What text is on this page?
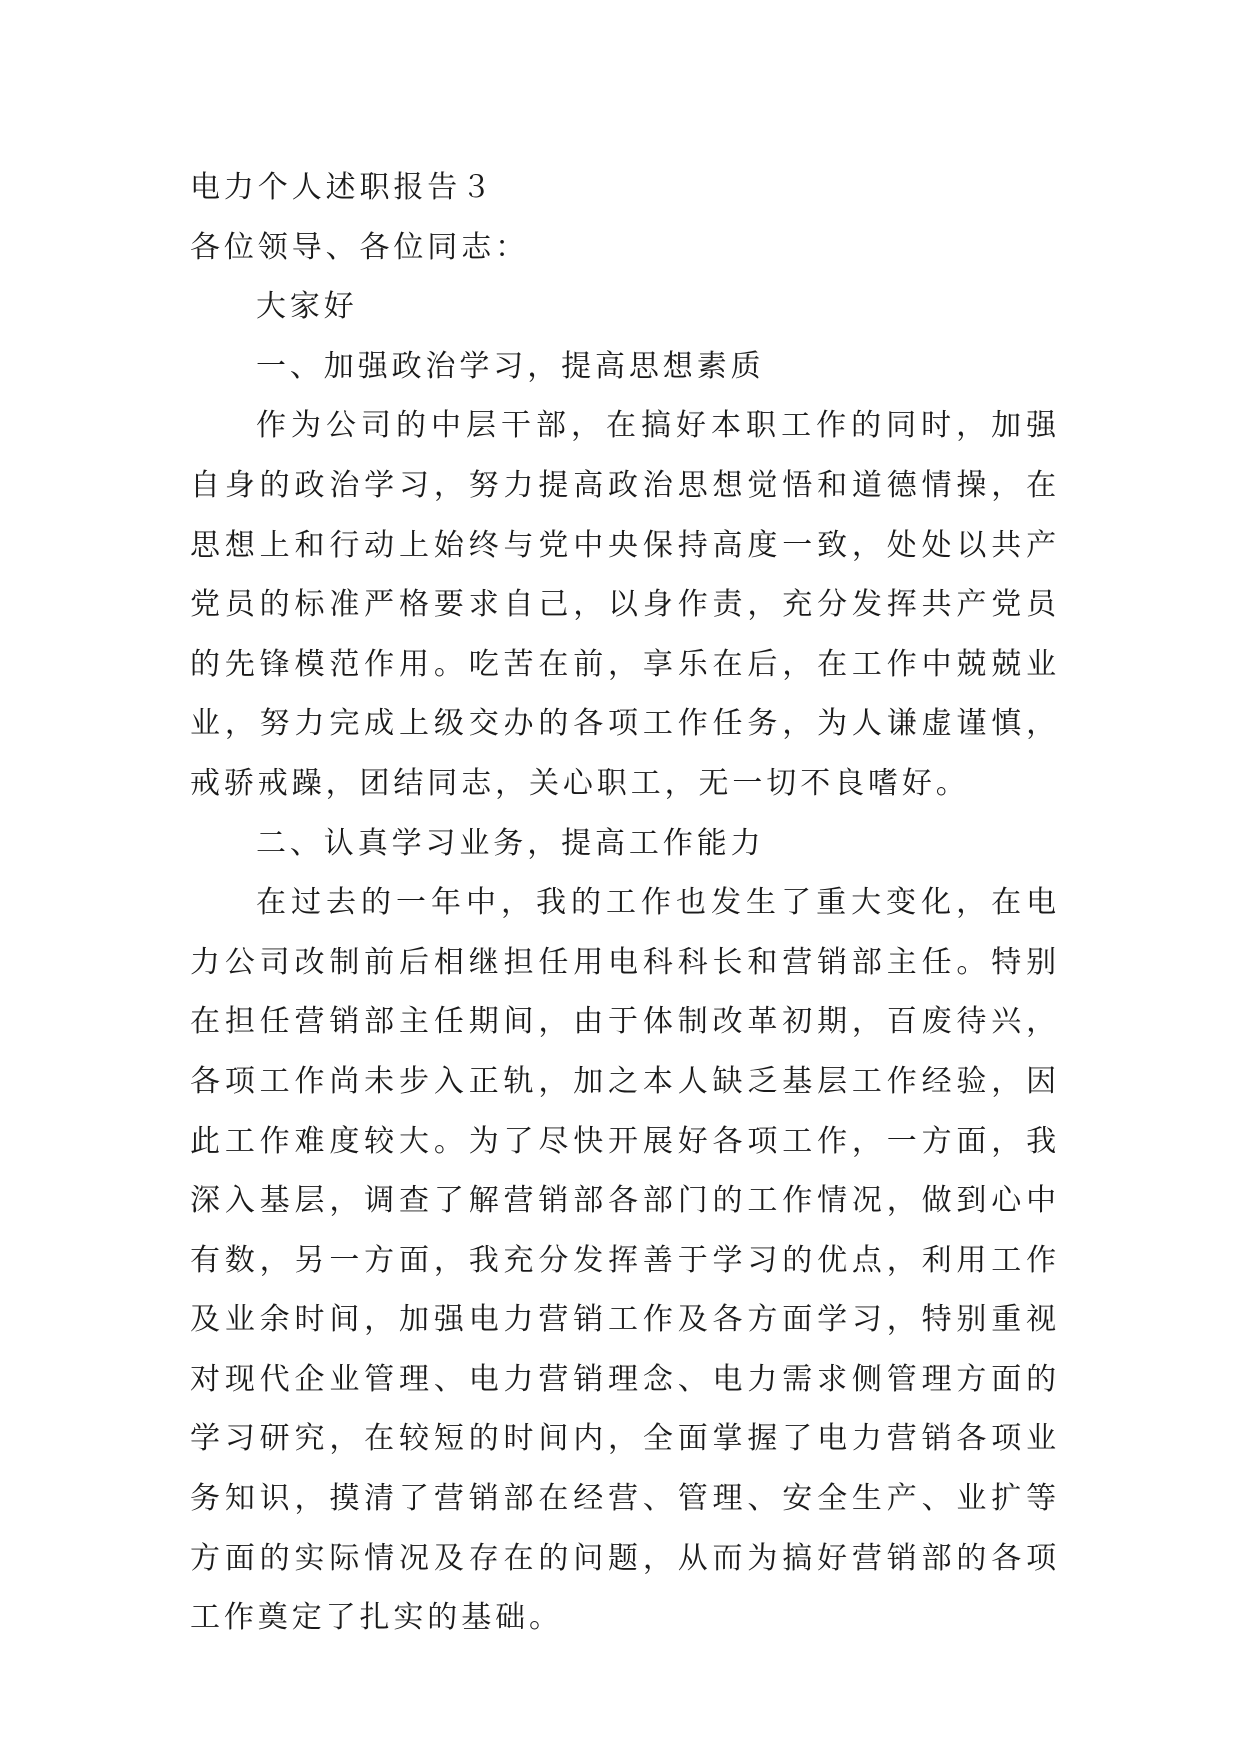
电力个人述职报告３
各位领导、各位同志：

大家好

一、加强政治学习，提高思想素质

作为公司的中层干部，在搞好本职工作的同时，加强自身的政治学习，努力提高政治思想觉悟和道德情操，在思想上和行动上始终与党中央保持高度一致，处处以共产党员的标准严格要求自己，以身作责，充分发挥共产党员的先锋模范作用。吃苦在前，享乐在后，在工作中兢兢业业，努力完成上级交办的各项工作任务，为人谦虚谨慎，戒骄戒躁，团结同志，关心职工，无一切不良嗜好。

二、认真学习业务，提高工作能力

在过去的一年中，我的工作也发生了重大变化，在电力公司改制前后相继担任用电科科长和营销部主任。特别在担任营销部主任期间，由于体制改革初期，百废待兴，各项工作尚未步入正轨，加之本人缺乏基层工作经验，因此工作难度较大。为了尽快开展好各项工作，一方面，我深入基层，调查了解营销部各部门的工作情况，做到心中有数，另一方面，我充分发挥善于学习的优点，利用工作及业余时间，加强电力营销工作及各方面学习，特别重视对现代企业管理、电力营销理念、电力需求侧管理方面的学习研究，在较短的时间内，全面掌握了电力营销各项业务知识，摸清了营销部在经营、管理、安全生产、业扩等方面的实际情况及存在的问题，从而为搞好营销部的各项工作奠定了扎实的基础。
